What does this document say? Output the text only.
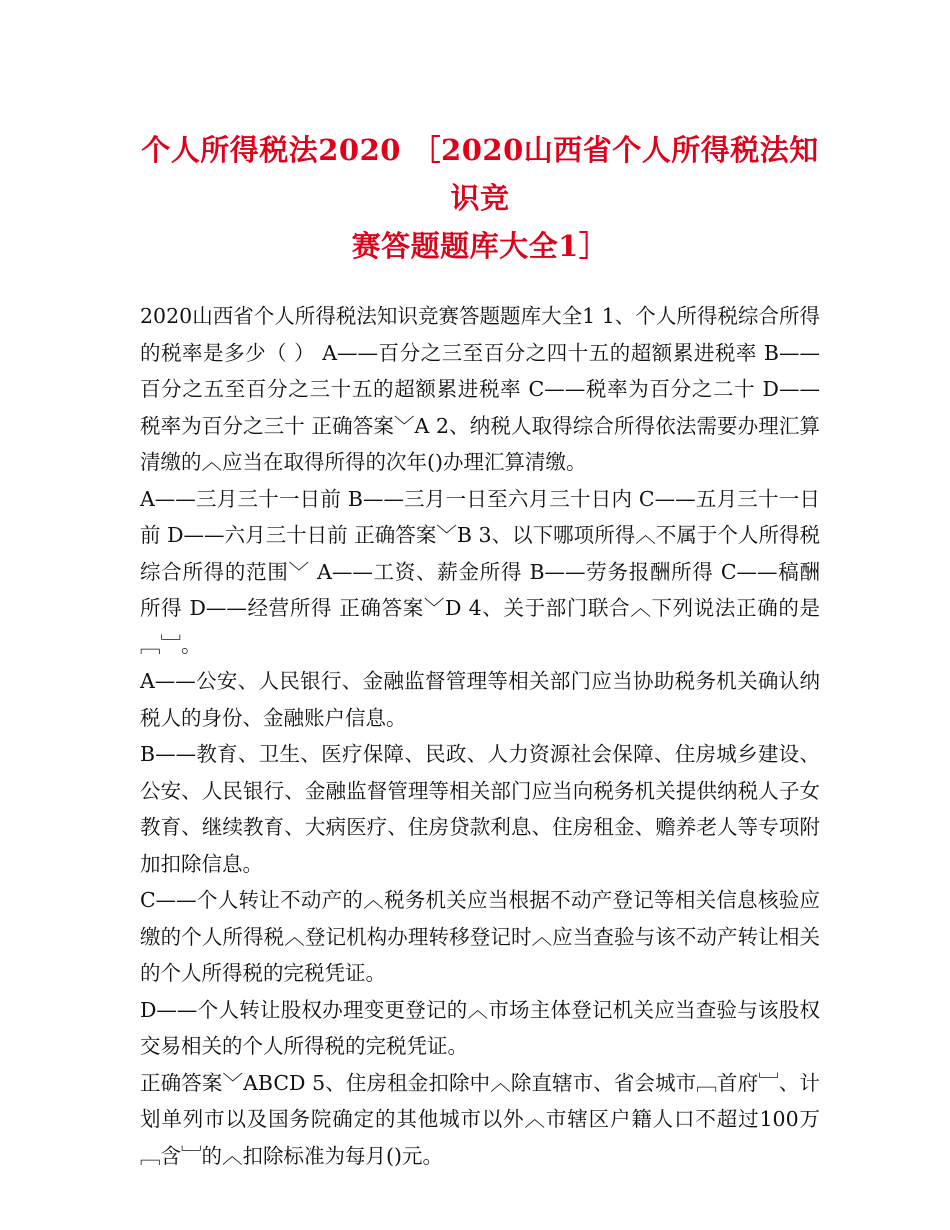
个人所得税法2020 ［2020山西省个人所得税法知识竞
赛答题题库大全1］

2020山西省个人所得税法知识竞赛答题题库大全1 1、个人所得税综合所得的税率是多少（ ） A——百分之三至百分之四十五的超额累进税率 B——百分之五至百分之三十五的超额累进税率 C——税率为百分之二十 D——税率为百分之三十 正确答案﹀A 2、纳税人取得综合所得依法需要办理汇算清缴的︿应当在取得所得的次年()办理汇算清缴。

A——三月三十一日前 B——三月一日至六月三十日内 C——五月三十一日前 D——六月三十日前 正确答案﹀B 3、以下哪项所得︿不属于个人所得税综合所得的范围﹀ A——工资、薪金所得 B——劳务报酬所得 C——稿酬所得 D——经营所得 正确答案﹀D 4、关于部门联合︿下列说法正确的是﹇﹈。

A——公安、人民银行、金融监督管理等相关部门应当协助税务机关确认纳税人的身份、金融账户信息。

B——教育、卫生、医疗保障、民政、人力资源社会保障、住房城乡建设、公安、人民银行、金融监督管理等相关部门应当向税务机关提供纳税人子女教育、继续教育、大病医疗、住房贷款利息、住房租金、赡养老人等专项附加扣除信息。

C——个人转让不动产的︿税务机关应当根据不动产登记等相关信息核验应缴的个人所得税︿登记机构办理转移登记时︿应当查验与该不动产转让相关的个人所得税的完税凭证。

D——个人转让股权办理变更登记的︿市场主体登记机关应当查验与该股权交易相关的个人所得税的完税凭证。

正确答案﹀ABCD 5、住房租金扣除中︿除直辖市、省会城市﹇首府﹈、计划单列市以及国务院确定的其他城市以外︿市辖区户籍人口不超过100万﹇含﹈的︿扣除标准为每月()元。
